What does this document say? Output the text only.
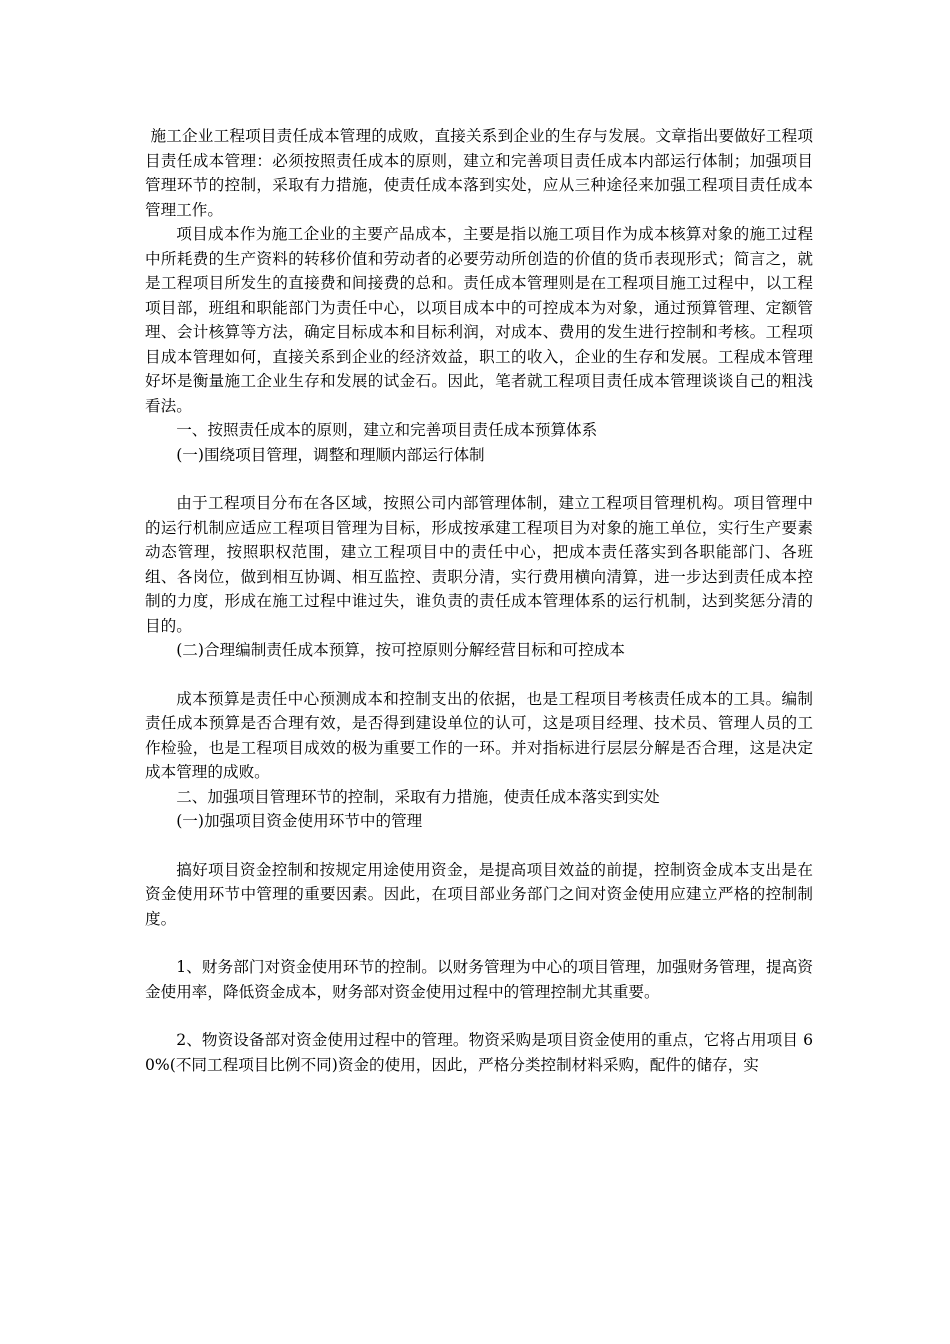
施工企业工程项目责任成本管理的成败，直接关系到企业的生存与发展。文章指出要做好工程项目责任成本管理：必须按照责任成本的原则，建立和完善项目责任成本内部运行体制；加强项目管理环节的控制，采取有力措施，使责任成本落到实处，应从三种途径来加强工程项目责任成本管理工作。

项目成本作为施工企业的主要产品成本，主要是指以施工项目作为成本核算对象的施工过程中所耗费的生产资料的转移价值和劳动者的必要劳动所创造的价值的货币表现形式；简言之，就是工程项目所发生的直接费和间接费的总和。责任成本管理则是在工程项目施工过程中，以工程项目部，班组和职能部门为责任中心，以项目成本中的可控成本为对象，通过预算管理、定额管理、会计核算等方法，确定目标成本和目标利润，对成本、费用的发生进行控制和考核。工程项目成本管理如何，直接关系到企业的经济效益，职工的收入，企业的生存和发展。工程成本管理好坏是衡量施工企业生存和发展的试金石。因此，笔者就工程项目责任成本管理谈谈自己的粗浅看法。

一、按照责任成本的原则，建立和完善项目责任成本预算体系

(一)围绕项目管理，调整和理顺内部运行体制

由于工程项目分布在各区域，按照公司内部管理体制，建立工程项目管理机构。项目管理中的运行机制应适应工程项目管理为目标，形成按承建工程项目为对象的施工单位，实行生产要素动态管理，按照职权范围，建立工程项目中的责任中心，把成本责任落实到各职能部门、各班组、各岗位，做到相互协调、相互监控、责职分清，实行费用横向清算，进一步达到责任成本控制的力度，形成在施工过程中谁过失，谁负责的责任成本管理体系的运行机制，达到奖惩分清的目的。

(二)合理编制责任成本预算，按可控原则分解经营目标和可控成本

成本预算是责任中心预测成本和控制支出的依据，也是工程项目考核责任成本的工具。编制责任成本预算是否合理有效，是否得到建设单位的认可，这是项目经理、技术员、管理人员的工作检验，也是工程项目成效的极为重要工作的一环。并对指标进行层层分解是否合理，这是决定成本管理的成败。

二、加强项目管理环节的控制，采取有力措施，使责任成本落实到实处

(一)加强项目资金使用环节中的管理

搞好项目资金控制和按规定用途使用资金，是提高项目效益的前提，控制资金成本支出是在资金使用环节中管理的重要因素。因此，在项目部业务部门之间对资金使用应建立严格的控制制度。

1、财务部门对资金使用环节的控制。以财务管理为中心的项目管理，加强财务管理，提高资金使用率，降低资金成本，财务部对资金使用过程中的管理控制尤其重要。

2、物资设备部对资金使用过程中的管理。物资采购是项目资金使用的重点，它将占用项目 60%(不同工程项目比例不同)资金的使用，因此，严格分类控制材料采购，配件的储存，实
